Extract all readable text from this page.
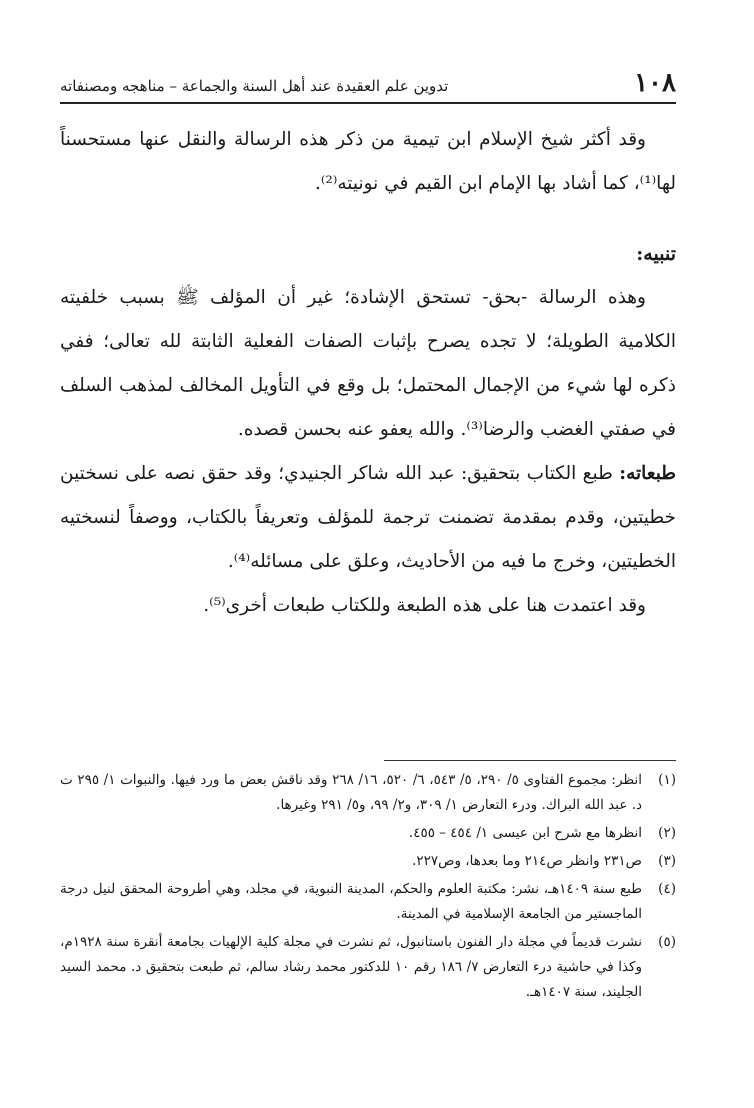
١٠٨
تدوين علم العقيدة عند أهل السنة والجماعة – مناهجه ومصنفاته

وقد أكثر شيخ الإسلام ابن تيمية من ذكر هذه الرسالة والنقل عنها مستحسناً لها⁽¹⁾، كما أشاد بها الإمام ابن القيم في نونيته⁽²⁾.

تنبيه:

وهذه الرسالة -بحق- تستحق الإشادة؛ غير أن المؤلف ﷺ بسبب خلفيته الكلامية الطويلة؛ لا تجده يصرح بإثبات الصفات الفعلية الثابتة لله تعالى؛ ففي ذكره لها شيء من الإجمال المحتمل؛ بل وقع في التأويل المخالف لمذهب السلف في صفتي الغضب والرضا⁽³⁾. والله يعفو عنه بحسن قصده.

طبعاته: طبع الكتاب بتحقيق: عبد الله شاكر الجنيدي؛ وقد حقق نصه على نسختين خطيتين، وقدم بمقدمة تضمنت ترجمة للمؤلف وتعريفاً بالكتاب، ووصفاً لنسختيه الخطيتين، وخرج ما فيه من الأحاديث، وعلق على مسائله⁽⁴⁾.

وقد اعتمدت هنا على هذه الطبعة وللكتاب طبعات أخرى⁽⁵⁾.

(١)
انظر: مجموع الفتاوى ٥/ ٢٩٠، ٥/ ٥٤٣، ٦/ ٥٢٠، ١٦/ ٢٦٨ وقد ناقش بعض ما ورد فيها. والنبوات ١/ ٢٩٥ ت د. عبد الله البراك. ودرء التعارض ١/ ٣٠٩، و٢/ ٩٩، و٥/ ٢٩١ وغيرها.
(٢)
انظرها مع شرح ابن عيسى ١/ ٤٥٤ – ٤٥٥.
(٣)
ص٢٣١ وانظر ص٢١٤ وما بعدها، وص٢٢٧.
(٤)
طبع سنة ١٤٠٩هـ، نشر: مكتبة العلوم والحكم، المدينة النبوية، في مجلد، وهي أطروحة المحقق لنيل درجة الماجستير من الجامعة الإسلامية في المدينة.
(٥)
نشرت قديماً في مجلة دار الفنون باستانبول، ثم نشرت في مجلة كلية الإلهيات بجامعة أنقرة سنة ١٩٢٨م، وكذا في حاشية درء التعارض ٧/ ١٨٦ رقم ١٠ للدكتور محمد رشاد سالم، ثم طبعت بتحقيق د. محمد السيد الجليند، سنة ١٤٠٧هـ.
